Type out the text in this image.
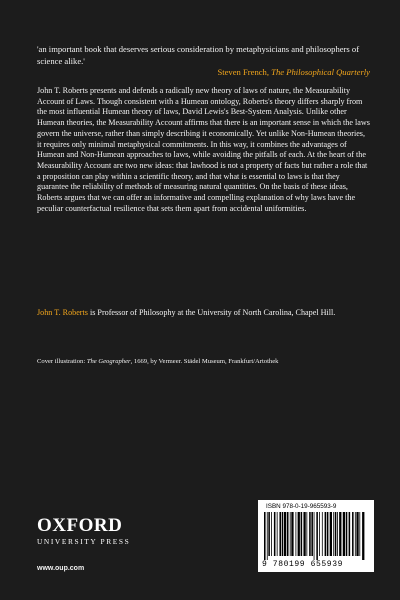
'an important book that deserves serious consideration by metaphysicians and philosophers of science alike.'
Steven French, The Philosophical Quarterly
John T. Roberts presents and defends a radically new theory of laws of nature, the Measurability Account of Laws. Though consistent with a Humean ontology, Roberts's theory differs sharply from the most influential Humean theory of laws, David Lewis's Best-System Analysis. Unlike other Humean theories, the Measurability Account affirms that there is an important sense in which the laws govern the universe, rather than simply describing it economically. Yet unlike Non-Humean theories, it requires only minimal metaphysical commitments. In this way, it combines the advantages of Humean and Non-Humean approaches to laws, while avoiding the pitfalls of each. At the heart of the Measurability Account are two new ideas: that lawhood is not a property of facts but rather a role that a proposition can play within a scientific theory, and that what is essential to laws is that they guarantee the reliability of methods of measuring natural quantities. On the basis of these ideas, Roberts argues that we can offer an informative and compelling explanation of why laws have the peculiar counterfactual resilience that sets them apart from accidental uniformities.
John T. Roberts is Professor of Philosophy at the University of North Carolina, Chapel Hill.
Cover illustration: The Geographer, 1669, by Vermeer. Städel Museum, Frankfurt/Artothek
OXFORD
UNIVERSITY PRESS
www.oup.com
ISBN 978-0-19-965593-9
9 780199 655939
